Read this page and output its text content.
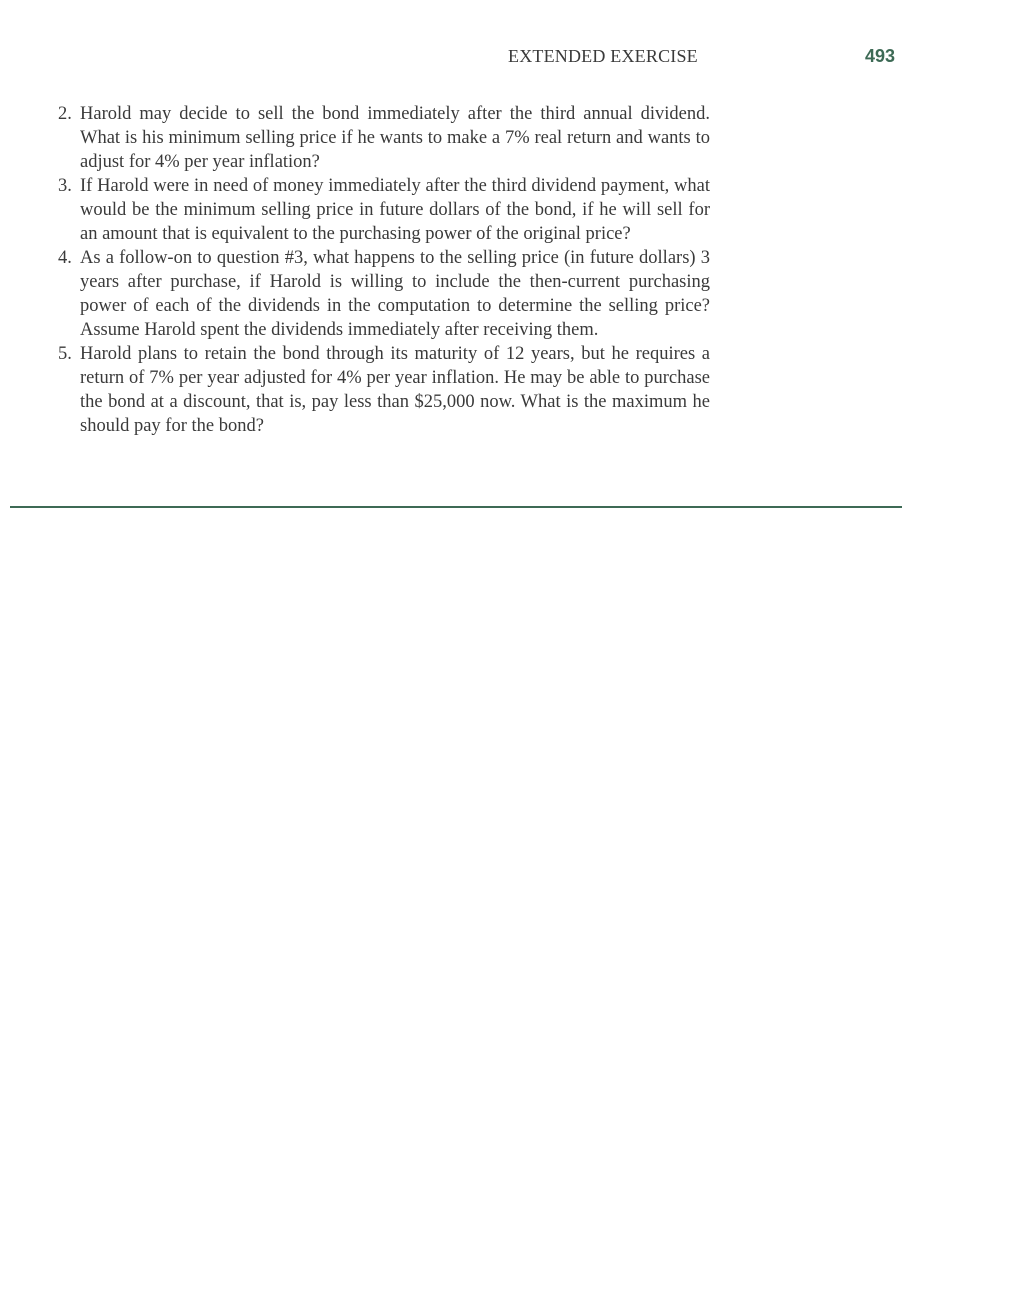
EXTENDED EXERCISE	493
2. Harold may decide to sell the bond immediately after the third annual dividend. What is his minimum selling price if he wants to make a 7% real return and wants to adjust for 4% per year inflation?
3. If Harold were in need of money immediately after the third dividend payment, what would be the minimum selling price in future dollars of the bond, if he will sell for an amount that is equivalent to the purchasing power of the original price?
4. As a follow-on to question #3, what happens to the selling price (in future dollars) 3 years after purchase, if Harold is willing to include the then-current purchasing power of each of the dividends in the computation to determine the selling price? Assume Harold spent the dividends immediately after receiving them.
5. Harold plans to retain the bond through its maturity of 12 years, but he requires a return of 7% per year adjusted for 4% per year inflation. He may be able to purchase the bond at a discount, that is, pay less than $25,000 now. What is the maximum he should pay for the bond?
